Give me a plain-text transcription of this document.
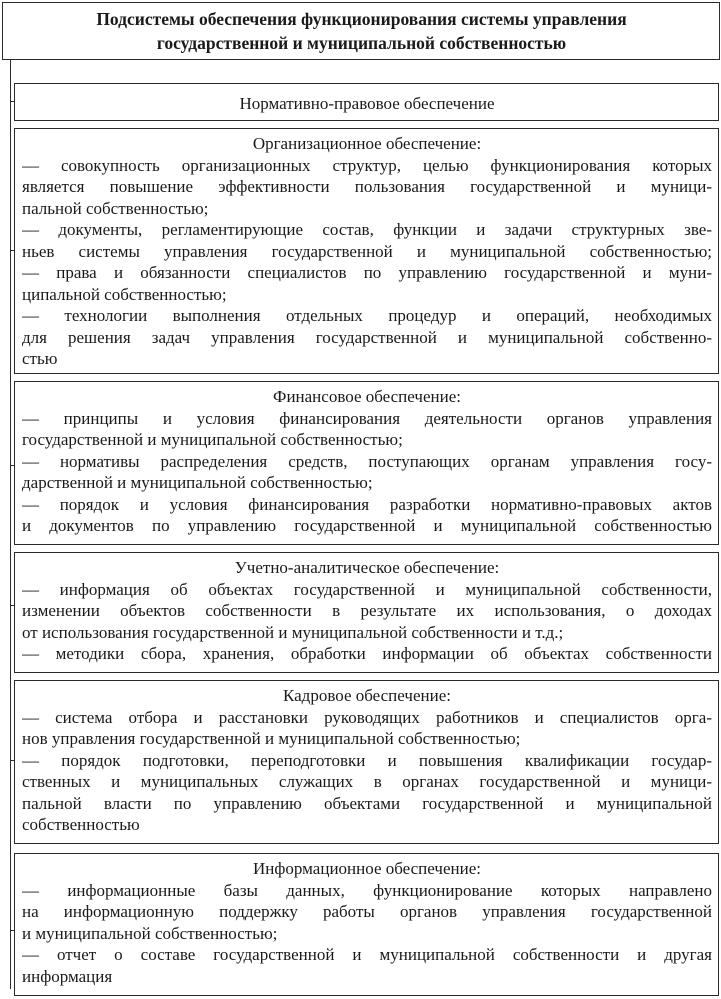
Подсистемы обеспечения функционирования системы управления
государственной и муниципальной собственностью
Нормативно-правовое обеспечение
Организационное обеспечение:
— совокупность организационных структур, целью функционирования которых
является повышение эффективности пользования государственной и муници-
пальной собственностью;
— документы, регламентирующие состав, функции и задачи структурных зве-
ньев системы управления государственной и муниципальной собственностью;
— права и обязанности специалистов по управлению государственной и муни-
ципальной собственностью;
— технологии выполнения отдельных процедур и операций, необходимых
для решения задач управления государственной и муниципальной собственно-
стью
Финансовое обеспечение:
— принципы и условия финансирования деятельности органов управления
государственной и муниципальной собственностью;
— нормативы распределения средств, поступающих органам управления госу-
дарственной и муниципальной собственностью;
— порядок и условия финансирования разработки нормативно-правовых актов
и документов по управлению государственной и муниципальной собственностью
Учетно-аналитическое обеспечение:
— информация об объектах государственной и муниципальной собственности,
изменении объектов собственности в результате их использования, о доходах
от использования государственной и муниципальной собственности и т.д.;
— методики сбора, хранения, обработки информации об объектах собственности
Кадровое обеспечение:
— система отбора и расстановки руководящих работников и специалистов орга-
нов управления государственной и муниципальной собственностью;
— порядок подготовки, переподготовки и повышения квалификации государ-
ственных и муниципальных служащих в органах государственной и муници-
пальной власти по управлению объектами государственной и муниципальной
собственностью
Информационное обеспечение:
— информационные базы данных, функционирование которых направлено
на информационную поддержку работы органов управления государственной
и муниципальной собственностью;
— отчет о составе государственной и муниципальной собственности и другая
информация
